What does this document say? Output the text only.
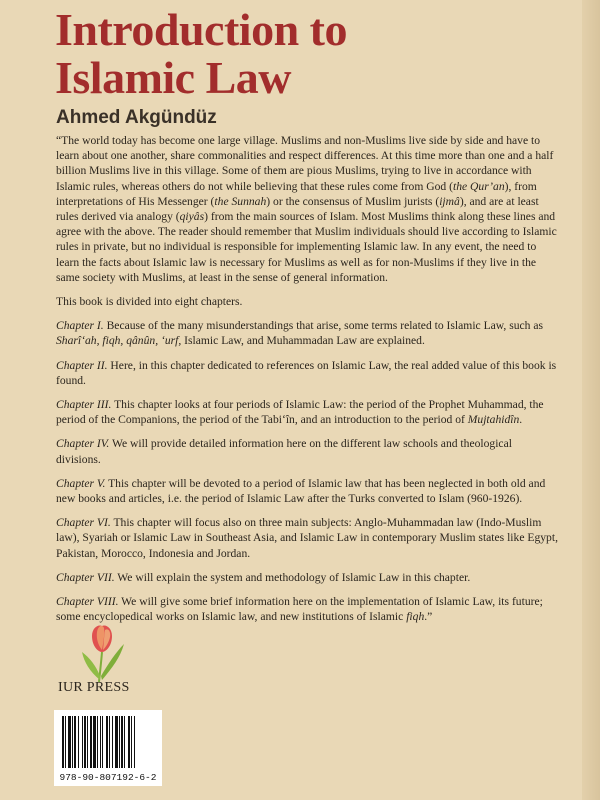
Introduction to
Islamic Law
Ahmed Akgündüz

“The world today has become one large village. Muslims and non-Muslims live side by side and have to learn about one another, share commonalities and respect differences. At this time more than one and a half billion Muslims live in this village. Some of them are pious Muslims, trying to live in accordance with Islamic rules, whereas others do not while believing that these rules come from God (the Qur’an), from interpretations of His Messenger (the Sunnah) or the consensus of Muslim jurists (ijmâ), and are at least rules derived via analogy (qiyâs) from the main sources of Islam. Most Muslims think along these lines and agree with the above. The reader should remember that Muslim individuals should live according to Islamic rules in private, but no individual is responsible for implementing Islamic law. In any event, the need to learn the facts about Islamic law is necessary for Muslims as well as for non-Muslims if they live in the same society with Muslims, at least in the sense of general information.

This book is divided into eight chapters.

Chapter I. Because of the many misunderstandings that arise, some terms related to Islamic Law, such as Sharî‘ah, fiqh, qânûn, ‘urf, Islamic Law, and Muhammadan Law are explained.

Chapter II. Here, in this chapter dedicated to references on Islamic Law, the real added value of this book is found.

Chapter III. This chapter looks at four periods of Islamic Law: the period of the Prophet Muhammad, the period of the Companions, the period of the Tabi‘în, and an introduction to the period of Mujtahidîn.

Chapter IV. We will provide detailed information here on the different law schools and theological divisions.

Chapter V. This chapter will be devoted to a period of Islamic law that has been neglected in both old and new books and articles, i.e. the period of Islamic Law after the Turks converted to Islam (960-1926).

Chapter VI. This chapter will focus also on three main subjects: Anglo-Muhammadan law (Indo-Muslim law), Syariah or Islamic Law in Southeast Asia, and Islamic Law in contemporary Muslim states like Egypt, Pakistan, Morocco, Indonesia and Jordan.

Chapter VII. We will explain the system and methodology of Islamic Law in this chapter.

Chapter VIII. We will give some brief information here on the implementation of Islamic Law, its future; some encyclopedical works on Islamic law, and new institutions of Islamic fiqh.”

IUR PRESS
978-90-807192-6-2
